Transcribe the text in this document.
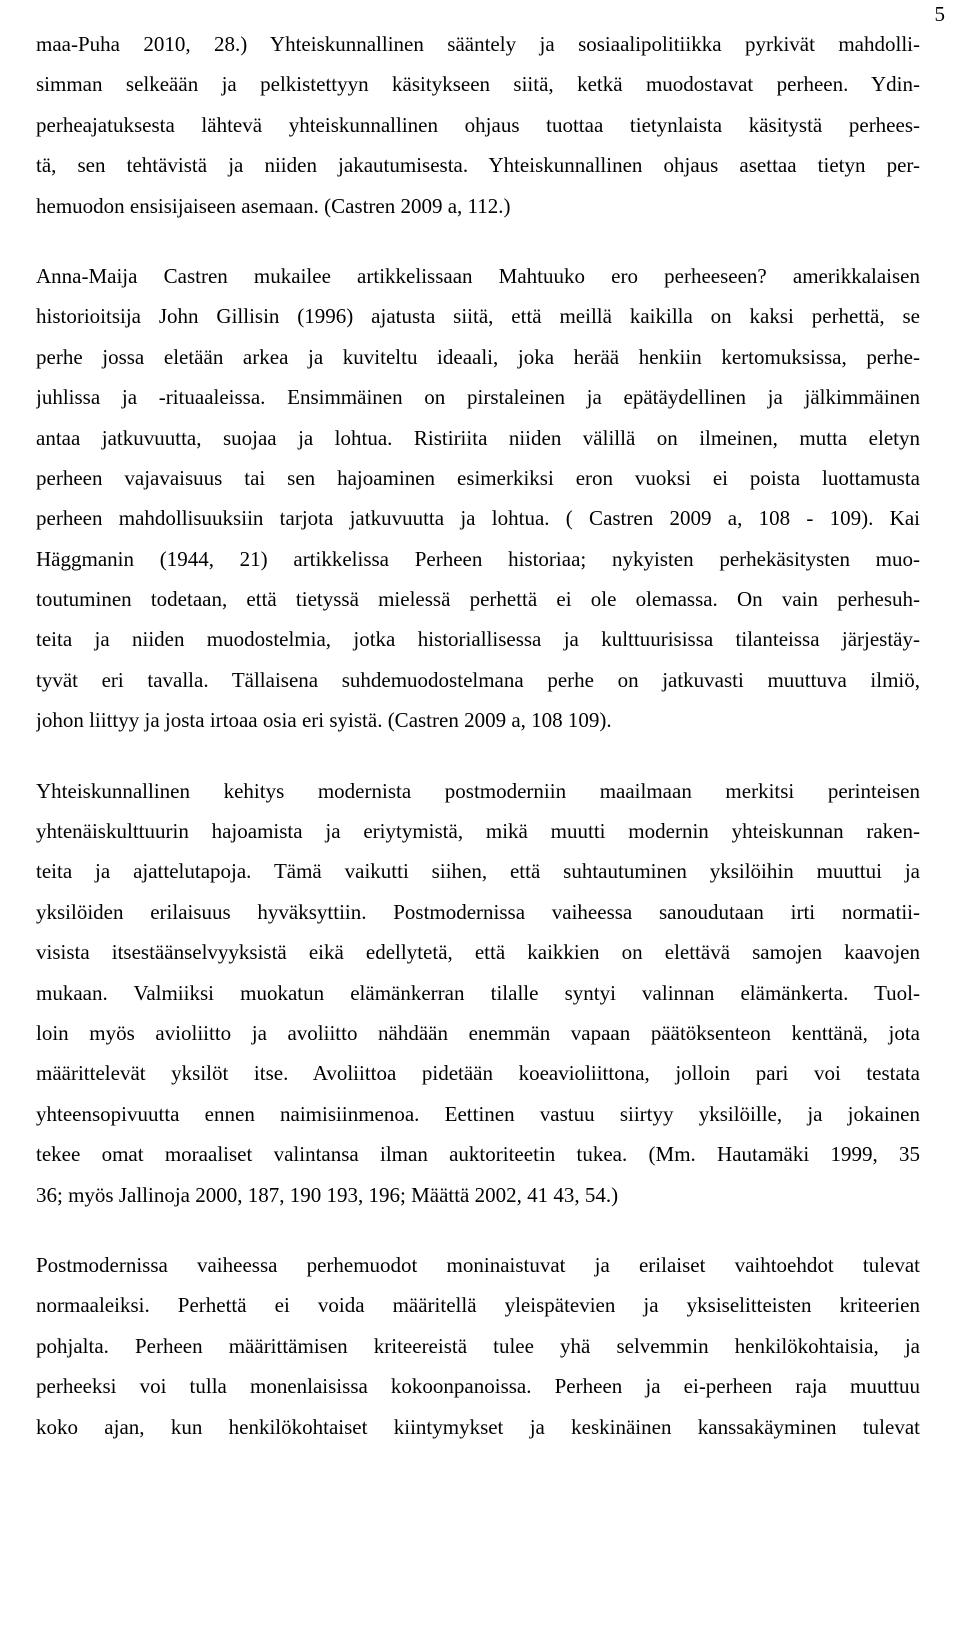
5
maa-Puha 2010, 28.) Yhteiskunnallinen sääntely ja sosiaalipolitiikka pyrkivät mahdolli-
simman selkeään ja pelkistettyyn käsitykseen siitä, ketkä muodostavat perheen. Ydin-
perheajatuksesta lähtevä yhteiskunnallinen ohjaus tuottaa tietynlaista käsitystä perhees-
tä, sen tehtävistä ja niiden jakautumisesta. Yhteiskunnallinen ohjaus asettaa tietyn per-
hemuodon ensisijaiseen asemaan. (Castren 2009 a, 112.)
Anna-Maija Castren mukailee artikkelissaan Mahtuuko ero perheeseen? amerikkalaisen
historioitsija John Gillisin (1996) ajatusta siitä, että meillä kaikilla on kaksi perhettä, se
perhe jossa eletään arkea ja kuviteltu ideaali, joka herää henkiin kertomuksissa, perhe-
juhlissa ja -rituaaleissa. Ensimmäinen on pirstaleinen ja epätäydellinen ja jälkimmäinen
antaa jatkuvuutta, suojaa ja lohtua. Ristiriita niiden välillä on ilmeinen, mutta eletyn
perheen vajavaisuus tai sen hajoaminen esimerkiksi eron vuoksi ei poista luottamusta
perheen mahdollisuuksiin tarjota jatkuvuutta ja lohtua. ( Castren 2009 a, 108 - 109). Kai
Häggmanin (1944, 21) artikkelissa Perheen historiaa; nykyisten perhekäsitysten muo-
toutuminen todetaan, että tietyssä mielessä perhettä ei ole olemassa. On vain perhesuh-
teita ja niiden muodostelmia, jotka historiallisessa ja kulttuurisissa tilanteissa järjestäy-
tyvät eri tavalla. Tällaisena suhdemuodostelmana perhe on jatkuvasti muuttuva ilmiö,
johon liittyy ja josta irtoaa osia eri syistä. (Castren 2009 a, 108 109).
Yhteiskunnallinen kehitys modernista postmoderniin maailmaan merkitsi perinteisen
yhtenäiskulttuurin hajoamista ja eriytymistä, mikä muutti modernin yhteiskunnan raken-
teita ja ajattelutapoja. Tämä vaikutti siihen, että suhtautuminen yksilöihin muuttui ja
yksilöiden erilaisuus hyväksyttiin. Postmodernissa vaiheessa sanoudutaan irti normatii-
visista itsestäänselvyyksistä eikä edellytetä, että kaikkien on elettävä samojen kaavojen
mukaan. Valmiiksi muokatun elämänkerran tilalle syntyi valinnan elämänkerta. Tuol-
loin myös avioliitto ja avoliitto nähdään enemmän vapaan päätöksenteon kenttänä, jota
määrittelevät yksilöt itse. Avoliittoa pidetään koeavioliittona, jolloin pari voi testata
yhteensopivuutta ennen naimisiinmenoa. Eettinen vastuu siirtyy yksilöille, ja jokainen
tekee omat moraaliset valintansa ilman auktoriteetin tukea. (Mm. Hautamäki 1999, 35
36; myös Jallinoja 2000, 187, 190 193, 196; Määttä 2002, 41 43, 54.)
Postmodernissa vaiheessa perhemuodot moninaistuvat ja erilaiset vaihtoehdot tulevat
normaaleiksi. Perhettä ei voida määritellä yleispätevien ja yksiselitteisten kriteerien
pohjalta. Perheen määrittämisen kriteereistä tulee yhä selvemmin henkilökohtaisia, ja
perheeksi voi tulla monenlaisissa kokoonpanoissa. Perheen ja ei-perheen raja muuttuu
koko ajan, kun henkilökohtaiset kiintymykset ja keskinäinen kanssakäyminen tulevat
